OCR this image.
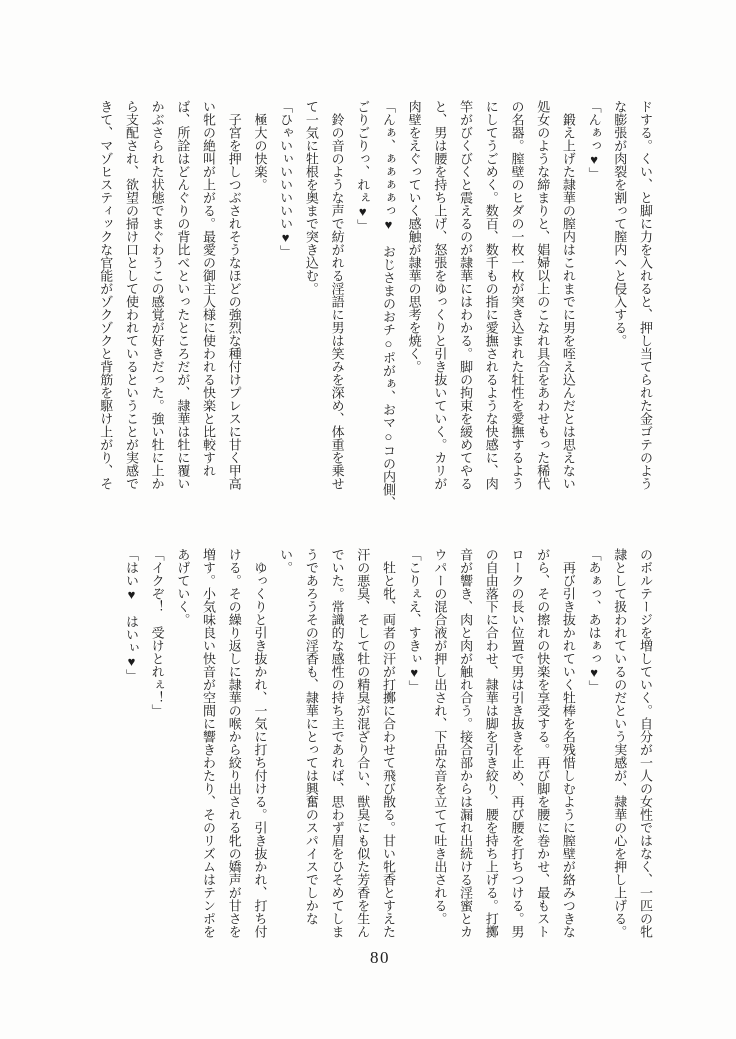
ドする。くい、と脚に力を入れると、押し当てられた金ゴテのよう
な膨張が肉裂を割って膣内へと侵入する。
「んぁっ♥」
　鍛え上げた隷華の膣内はこれまでに男を咥え込んだとは思えない
処女のような締まりと、娼婦以上のこなれ具合をあわせもった稀代
の名器。膣壁のヒダの一枚一枚が突き込まれた牡性を愛撫するよう
にしてうごめく。数百、数千もの指に愛撫されるような快感に、肉
竿がびくびくと震えるのが隷華にはわかる。脚の拘束を緩めてやる
と、男は腰を持ち上げ、怒張をゆっくりと引き抜いていく。カリが
肉壁をえぐっていく感触が隷華の思考を焼く。
「んぁ、ぁぁぁぁっ♥　おじさまのおチ○ポがぁ、おマ○コの内側、
ごりごりっ、れぇ♥」
　鈴の音のような声で紡がれる淫語に男は笑みを深め、体重を乗せ
て一気に牡根を奥まで突き込む。
「ひゃいぃいいいいい♥」
　極大の快楽。
　子宮を押しつぶされそうなほどの強烈な種付けプレスに甘く甲高
い牝の絶叫が上がる。最愛の御主人様に使われる快楽と比較すれ
ば、所詮はどんぐりの背比べといったところだが、隷華は牡に覆い
かぶさられた状態でまぐわうこの感覚が好きだった。強い牡に上か
ら支配され、欲望の掃け口として使われているということが実感で
きて、マゾヒスティックな官能がゾクゾクと背筋を駆け上がり、そ
のボルテージを増していく。自分が一人の女性ではなく、一匹の牝
隷として扱われているのだという実感が、隷華の心を押し上げる。
「あぁっ、あはぁっ♥」
　再び引き抜かれていく牡棒を名残惜しむように膣壁が絡みつきな
がら、その擦れの快楽を享受する。再び脚を腰に巻かせ、最もスト
ロークの長い位置で男は引き抜きを止め、再び腰を打ちつける。男
の自由落下に合わせ、隷華は脚を引き絞り、腰を持ち上げる。打擲
音が響き、肉と肉が触れ合う。接合部からは漏れ出続ける淫蜜とカ
ウパーの混合液が押し出され、下品な音を立てて吐き出される。
「こりぇえ、すきぃ♥」
　牡と牝、両者の汗が打擲に合わせて飛び散る。甘い牝香とすえた
汗の悪臭、そして牡の精臭が混ざり合い、獣臭にも似た芳香を生ん
でいた。常識的な感性の持ち主であれば、思わず眉をひそめてしま
うであろうその淫香も、隷華にとっては興奮のスパイスでしかな
い。
　ゆっくりと引き抜かれ、一気に打ち付ける。引き抜かれ、打ち付
ける。その繰り返しに隷華の喉から絞り出される牝の嬌声が甘さを
増す。小気味良い快音が空間に響きわたり、そのリズムはテンポを
あげていく。
「イクぞ！　受けとれぇ！」
「はい♥　はいぃ♥」
80
